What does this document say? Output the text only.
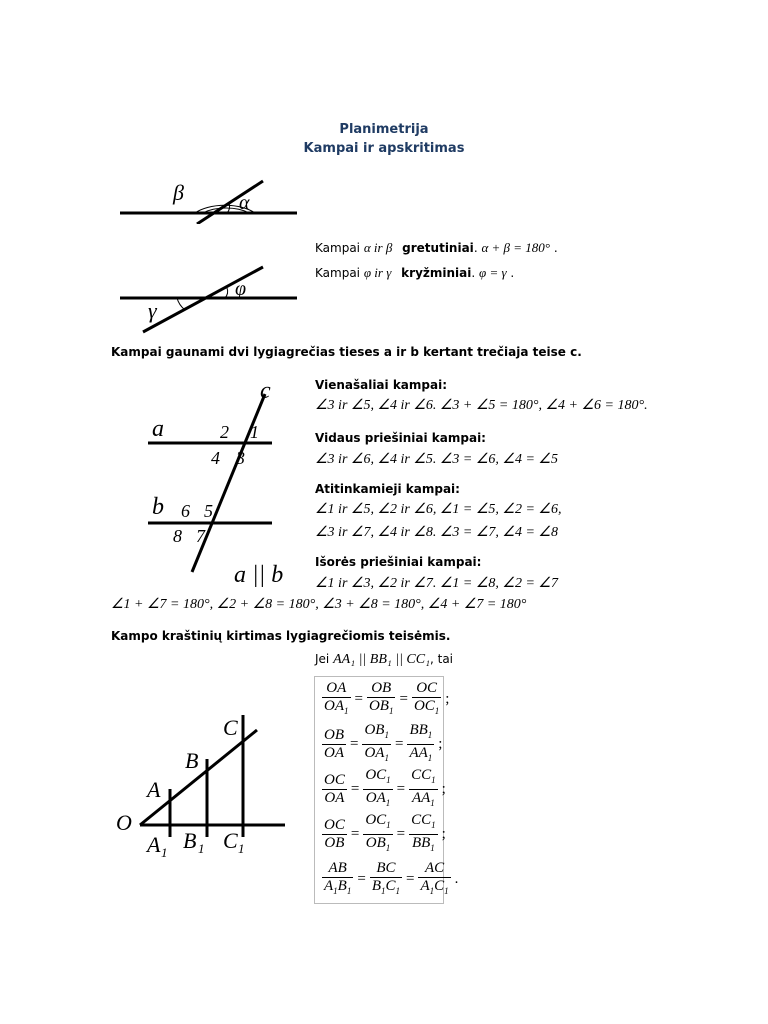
Planimetrija
Kampai ir apskritimas
β	α
γ
φ
Kampai α ir β gretutiniai. α + β = 180° .
Kampai φ ir γ kryžminiai. φ = γ .
Kampai gaunami dvi lygiagrečias tieses a ir b kertant trečiaja teise c.
c
a
b
2 1
4 3
6 5
8 7
a || b
Vienašaliai kampai:
∠3 ir ∠5, ∠4 ir ∠6. ∠3 + ∠5 = 180°, ∠4 + ∠6 = 180°.
Vidaus priešiniai kampai:
∠3 ir ∠6, ∠4 ir ∠5. ∠3 = ∠6, ∠4 = ∠5
Atitinkamieji kampai:
∠1 ir ∠5, ∠2 ir ∠6, ∠1 = ∠5, ∠2 = ∠6,
∠3 ir ∠7, ∠4 ir ∠8. ∠3 = ∠7, ∠4 = ∠8
Išorės priešiniai kampai:
∠1 ir ∠3, ∠2 ir ∠7. ∠1 = ∠8, ∠2 = ∠7
∠1 + ∠7 = 180°, ∠2 + ∠8 = 180°, ∠3 + ∠8 = 180°, ∠4 + ∠7 = 180°
Kampo kraštinių kirtimas lygiagrečiomis teisėmis.
Jei AA₁ || BB₁ || CC₁, tai
O
A
B
C
A 1 B 1 C 1
$\frac{OA}{OA_1} = \frac{OB}{OB_1} = \frac{OC}{OC_1}$ ;
$\frac{OB}{OA} = \frac{OB_1}{OA_1} = \frac{BB_1}{AA_1}$ ;
$\frac{OC}{OA} = \frac{OC_1}{OA_1} = \frac{CC_1}{AA_1}$ ;
$\frac{OC}{OB} = \frac{OC_1}{OB_1} = \frac{CC_1}{BB_1}$ ;
$\frac{AB}{A_1B_1} = \frac{BC}{B_1C_1} = \frac{AC}{A_1C_1}$ .
